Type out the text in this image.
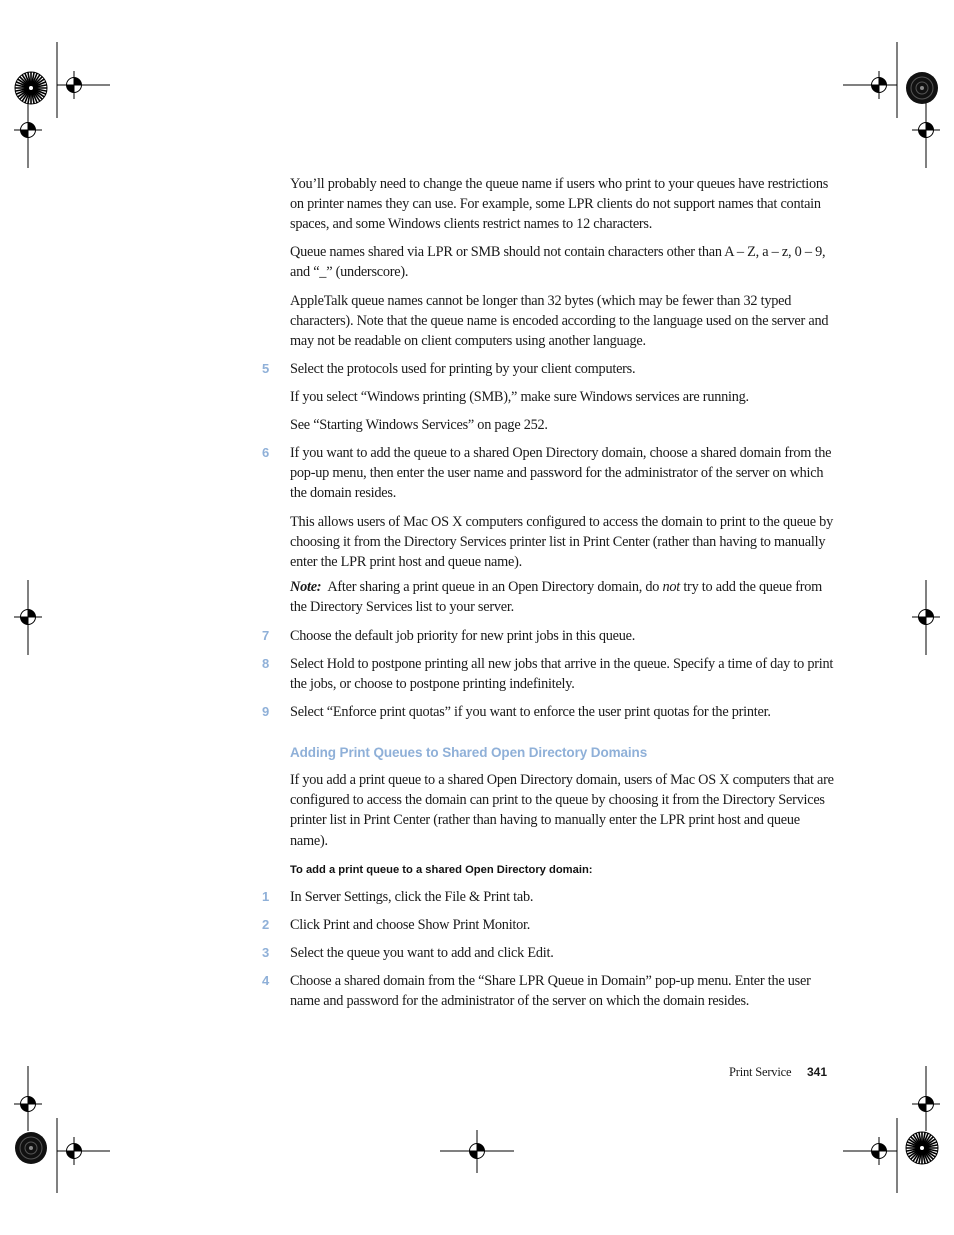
You’ll probably need to change the queue name if users who print to your queues have restrictions on printer names they can use. For example, some LPR clients do not support names that contain spaces, and some Windows clients restrict names to 12 characters.

Queue names shared via LPR or SMB should not contain characters other than A – Z, a – z, 0 – 9, and “_” (underscore).

AppleTalk queue names cannot be longer than 32 bytes (which may be fewer than 32 typed characters). Note that the queue name is encoded according to the language used on the server and may not be readable on client computers using another language.

5	Select the protocols used for printing by your client computers.

If you select “Windows printing (SMB),” make sure Windows services are running.

See “Starting Windows Services” on page 252.

6	If you want to add the queue to a shared Open Directory domain, choose a shared domain from the pop-up menu, then enter the user name and password for the administrator of the server on which the domain resides.

This allows users of Mac OS X computers configured to access the domain to print to the queue by choosing it from the Directory Services printer list in Print Center (rather than having to manually enter the LPR print host and queue name).

Note: After sharing a print queue in an Open Directory domain, do not try to add the queue from the Directory Services list to your server.

7	Choose the default job priority for new print jobs in this queue.

8	Select Hold to postpone printing all new jobs that arrive in the queue. Specify a time of day to print the jobs, or choose to postpone printing indefinitely.

9	Select “Enforce print quotas” if you want to enforce the user print quotas for the printer.

Adding Print Queues to Shared Open Directory Domains

If you add a print queue to a shared Open Directory domain, users of Mac OS X computers that are configured to access the domain can print to the queue by choosing it from the Directory Services printer list in Print Center (rather than having to manually enter the LPR print host and queue name).

To add a print queue to a shared Open Directory domain:
1	In Server Settings, click the File & Print tab.

2	Click Print and choose Show Print Monitor.

3	Select the queue you want to add and click Edit.

4	Choose a shared domain from the “Share LPR Queue in Domain” pop-up menu. Enter the user name and password for the administrator of the server on which the domain resides.

Print Service 341
